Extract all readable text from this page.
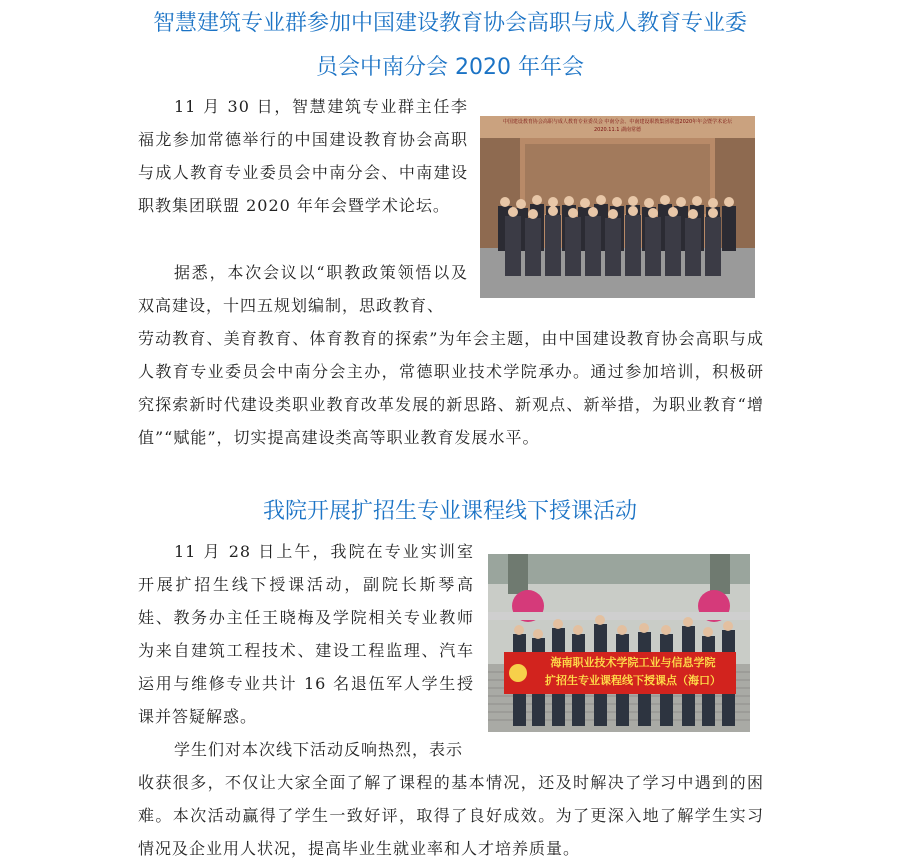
智慧建筑专业群参加中国建设教育协会高职与成人教育专业委
员会中南分会 2020 年年会

11 月 30 日，智慧建筑专业群主任李福龙参加常德举行的中国建设教育协会高职与成人教育专业委员会中南分会、中南建设职教集团联盟 2020 年年会暨学术论坛。

据悉，本次会议以“职教政策领悟以及双高建设，十四五规划编制，思政教育、

劳动教育、美育教育、体育教育的探索”为年会主题，由中国建设教育协会高职与成人教育专业委员会中南分会主办，常德职业技术学院承办。通过参加培训，积极研究探索新时代建设类职业教育改革发展的新思路、新观点、新举措，为职业教育“增值”“赋能”，切实提高建设类高等职业教育发展水平。

中国建设教育协会高职与成人教育专业委员会 中南分会、中南建设职教集团联盟2020年年会暨学术论坛
2020.11.1 湖南常德
我院开展扩招生专业课程线下授课活动

11 月 28 日上午，我院在专业实训室开展扩招生线下授课活动，副院长斯琴高娃、教务办主任王晓梅及学院相关专业教师为来自建筑工程技术、建设工程监理、汽车运用与维修专业共计 16 名退伍军人学生授课并答疑解惑。

学生们对本次线下活动反响热烈，表示

收获很多，不仅让大家全面了解了课程的基本情况，还及时解决了学习中遇到的困难。本次活动赢得了学生一致好评，取得了良好成效。为了更深入地了解学生实习情况及企业用人状况，提高毕业生就业率和人才培养质量。

海南职业技术学院工业与信息学院
扩招生专业课程线下授课点（海口）
